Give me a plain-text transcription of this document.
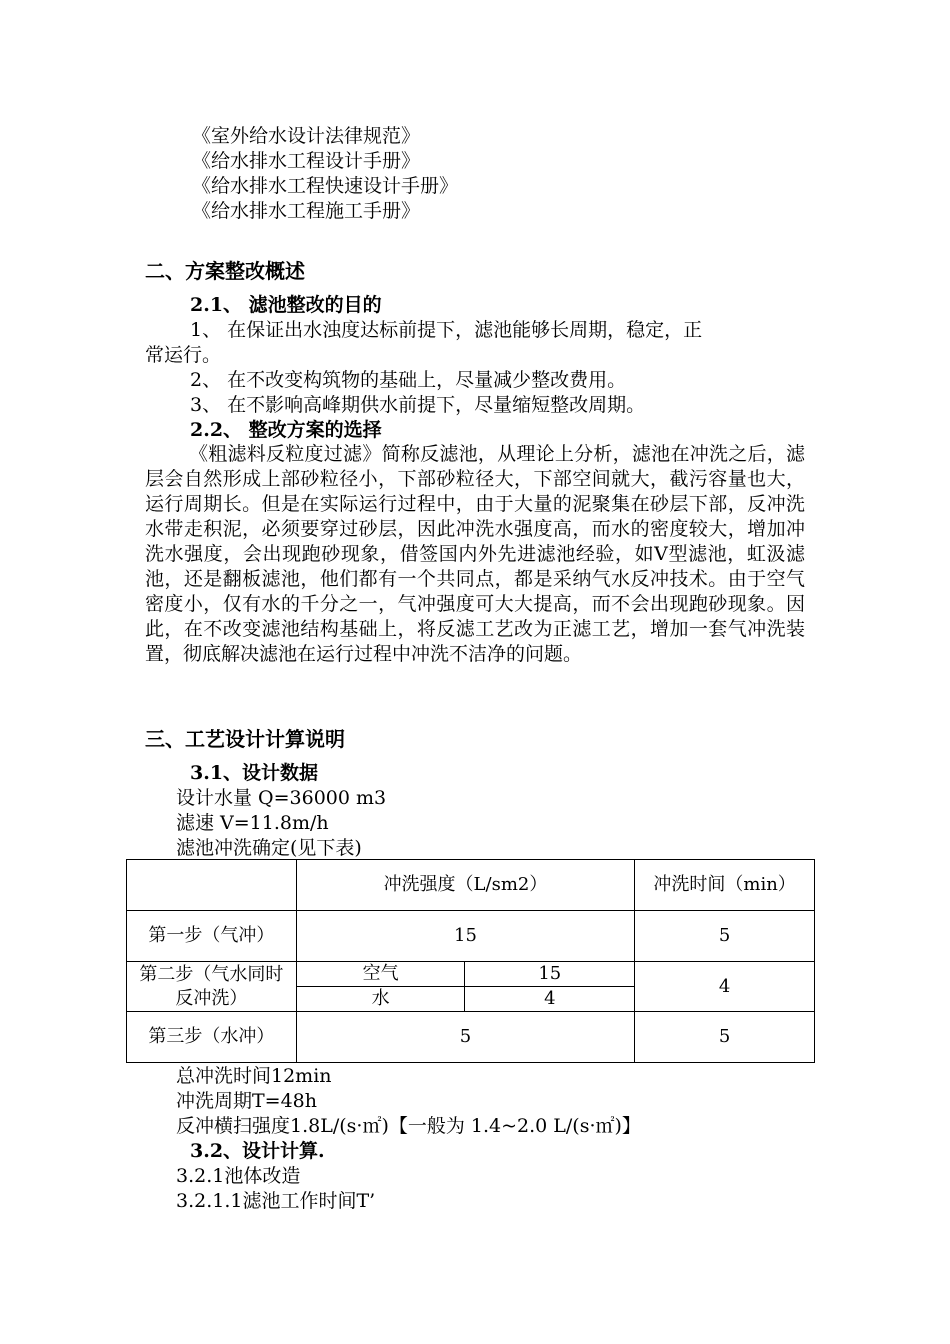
《室外给水设计法律规范》
《给水排水工程设计手册》
《给水排水工程快速设计手册》
《给水排水工程施工手册》
二、方案整改概述
2.1、 滤池整改的目的
1、 在保证出水浊度达标前提下，滤池能够长周期，稳定，正
常运行。
2、 在不改变构筑物的基础上，尽量减少整改费用。
3、 在不影响高峰期供水前提下，尽量缩短整改周期。
2.2、 整改方案的选择
《粗滤料反粒度过滤》简称反滤池，从理论上分析，滤池在冲洗之后，滤层会自然形成上部砂粒径小，下部砂粒径大，下部空间就大，截污容量也大，运行周期长。但是在实际运行过程中，由于大量的泥聚集在砂层下部，反冲洗水带走积泥，必须要穿过砂层，因此冲洗水强度高，而水的密度较大，增加冲洗水强度，会出现跑砂现象，借签国内外先进滤池经验，如V型滤池，虹汲滤池，还是翻板滤池，他们都有一个共同点，都是采纳气水反冲技术。由于空气密度小，仅有水的千分之一，气冲强度可大大提高，而不会出现跑砂现象。因此，在不改变滤池结构基础上，将反滤工艺改为正滤工艺，增加一套气冲洗装置，彻底解决滤池在运行过程中冲洗不洁净的问题。
三、工艺设计计算说明
3.1、设计数据
设计水量 Q=36000 m3
滤速 V=11.8m/h
滤池冲洗确定(见下表)
	冲洗强度（L/sm2）		冲洗时间（min）
第一步（气冲）	15		5
第二步（气水同时反冲洗）	空气	15	4
	水	4	
第三步（水冲）	5		5
总冲洗时间12min
冲洗周期T=48h
反冲横扫强度1.8L/(s·㎡)【一般为 1.4~2.0 L/(s·㎡)】
3.2、设计计算.
3.2.1池体改造
3.2.1.1滤池工作时间T’
